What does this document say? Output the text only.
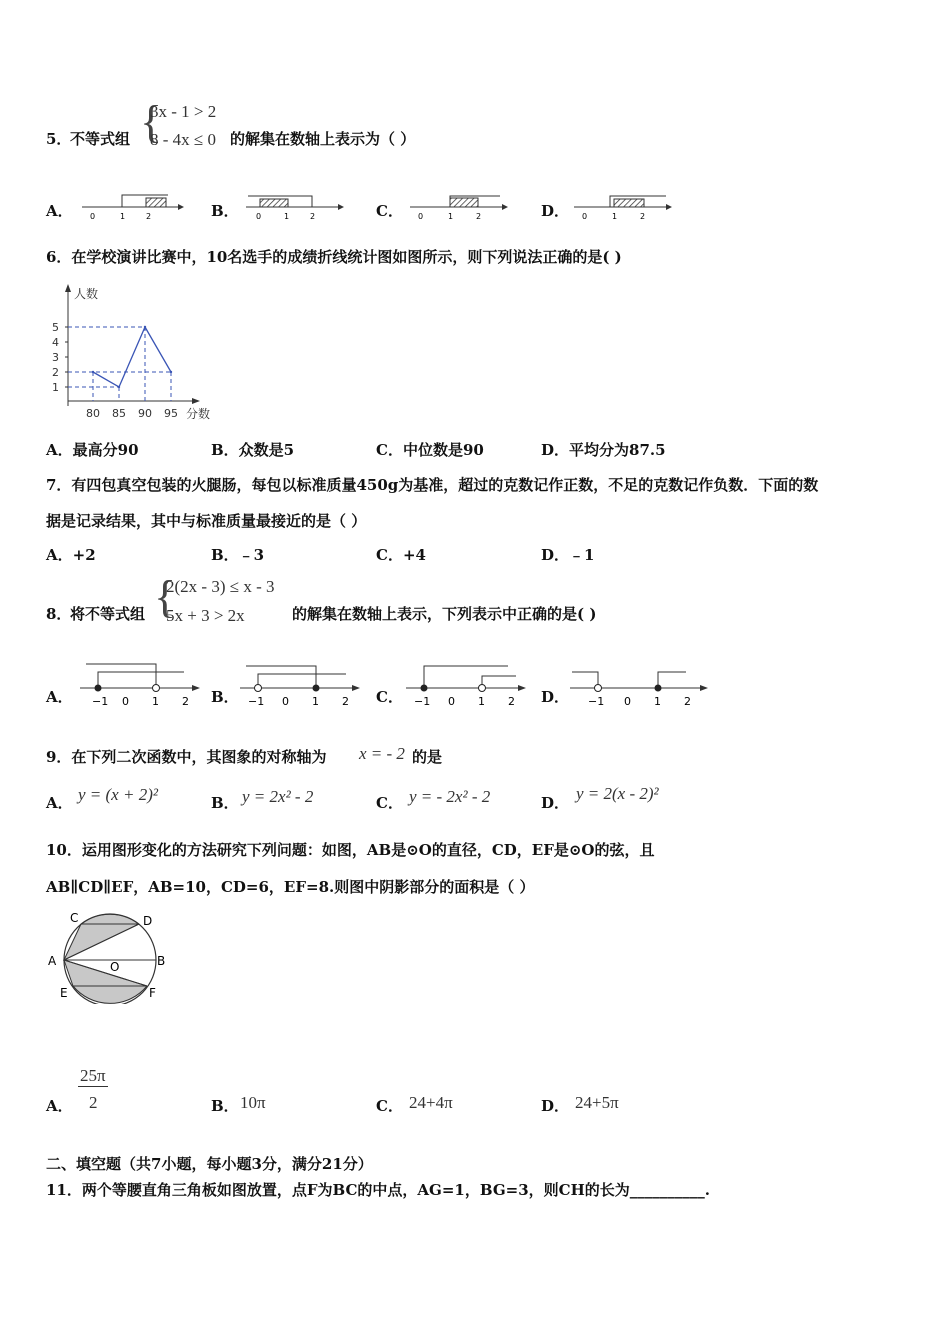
5．
不等式组 {
3x - 1 > 2
8 - 4x ≤ 0 的解集在数轴上表示为（ ）
A． 0	1	2	B． 0	1	2	C． 0	1	2	D． 0	1	2
6．在学校演讲比赛中，10名选手的成绩折线统计图如图所示，则下列说法正确的是( )
人数
分数
1
2
3
4
5
80 85 90 95
A．最高分90	B．众数是5	C．中位数是90	D．平均分为87.5
7．有四包真空包装的火腿肠，每包以标准质量450g为基准，超过的克数记作正数，不足的克数记作负数．下面的数
据是记录结果，其中与标准质量最接近的是（ ）
A．+2	B．﹣3	C．+4	D．﹣1
8．
将不等式组 {
2(2x - 3) ≤ x - 3
5x + 3 > 2x	的解集在数轴上表示，下列表示中正确的是( )
A． −1 0 1 2 B． −1 0 1 2 C． −1 0 1 2 D． −1 0 1 2
9．在下列二次函数中，其图象的对称轴为 x = - 2 的是
A． y = (x + 2)²	B． y = 2x² - 2	C． y = - 2x² - 2	D． y = 2(x - 2)²
10．运用图形变化的方法研究下列问题：如图，AB是⊙O的直径，CD，EF是⊙O的弦，且
AB∥CD∥EF，AB=10，CD=6，EF=8.则图中阴影部分的面积是（ ）
C	D
A	B
O
E	F
A．
25π
2	B． 10π	C． 24+4π	D． 24+5π
二、填空题（共7小题，每小题3分，满分21分）
11．两个等腰直角三角板如图放置，点F为BC的中点，AG=1，BG=3，则CH的长为__________.
